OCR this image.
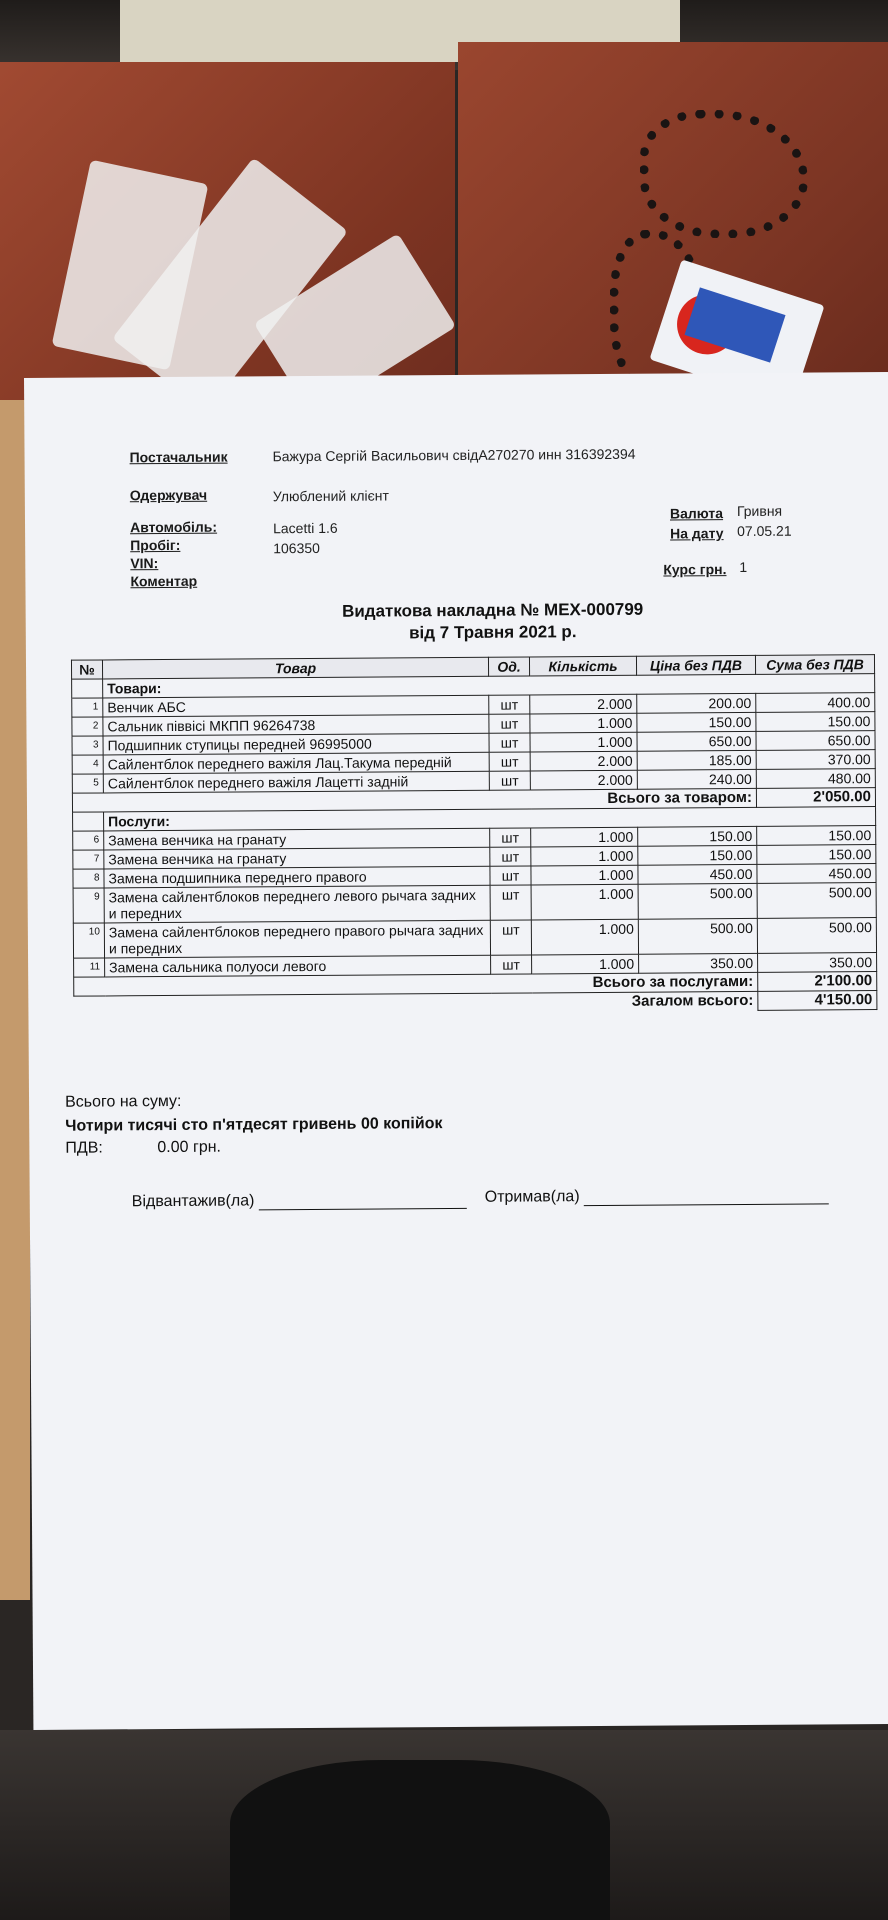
Постачальник	Бажура Сергій Васильович свідА270270 инн 316392394
Одержувач	Улюблений клієнт
Автомобіль:	Lacetti 1.6
Пробіг:	106350
VIN:
Коментар
Валюта Гривня
На дату 07.05.21
Курс грн. 1
Видаткова накладна № МЕХ-000799
від 7 Травня 2021 р.
№	Товар	Од.	Кількість	Ціна без ПДВ	Сума без ПДВ
	Товари:				
1	Венчик АБС	шт	2.000	200.00	400.00
2	Сальник піввісі МКПП 96264738	шт	1.000	150.00	150.00
3	Подшипник ступицы передней 96995000	шт	1.000	650.00	650.00
4	Сайлентблок переднего важіля Лац.Такума передній	шт	2.000	185.00	370.00
5	Сайлентблок переднего важіля Лацетті задній	шт	2.000	240.00	480.00
Всього за товаром:					2'050.00
	Послуги:				
6	Замена венчика на гранату	шт	1.000	150.00	150.00
7	Замена венчика на гранату	шт	1.000	150.00	150.00
8	Замена подшипника переднего правого	шт	1.000	450.00	450.00
9	Замена сайлентблоков переднего левого рычага задних и передних	шт	1.000	500.00	500.00
10	Замена сайлентблоков переднего правого рычага задних и передних	шт	1.000	500.00	500.00
11	Замена сальника полуоси левого	шт	1.000	350.00	350.00
Всього за послугами:					2'100.00
Загалом всього:					4'150.00
Всього на суму:
Чотири тисячі сто п'ятдесят гривень 00 копійок
ПДВ:	0.00 грн.
Відвантажив(ла)	Отримав(ла)
